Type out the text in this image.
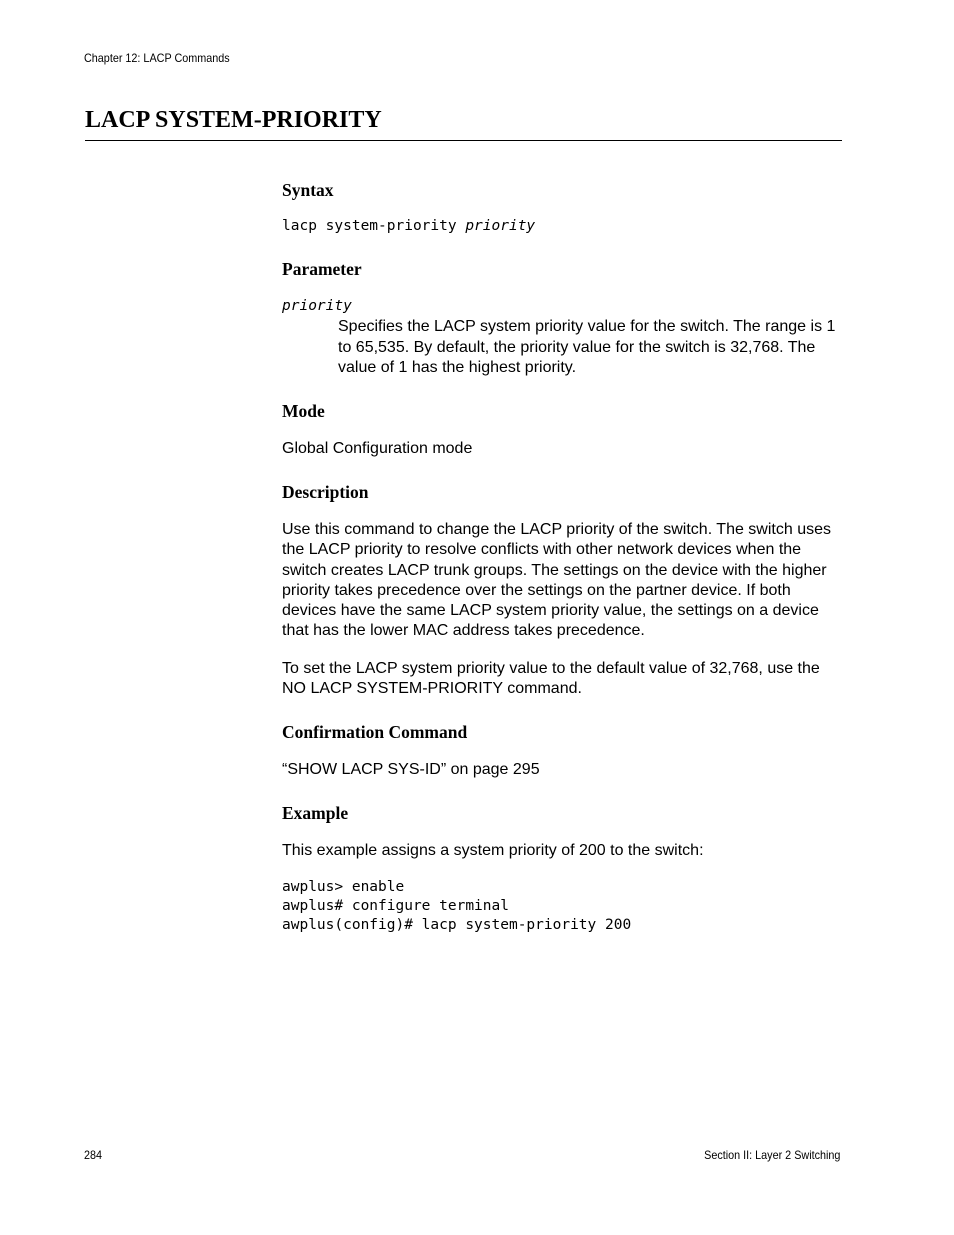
Chapter 12: LACP Commands
LACP SYSTEM-PRIORITY
Syntax
lacp system-priority priority
Parameter
priority
Specifies the LACP system priority value for the switch. The range is 1 to 65,535. By default, the priority value for the switch is 32,768. The value of 1 has the highest priority.
Mode
Global Configuration mode
Description
Use this command to change the LACP priority of the switch. The switch uses the LACP priority to resolve conflicts with other network devices when the switch creates LACP trunk groups. The settings on the device with the higher priority takes precedence over the settings on the partner device. If both devices have the same LACP system priority value, the settings on a device that has the lower MAC address takes precedence.
To set the LACP system priority value to the default value of 32,768, use the NO LACP SYSTEM-PRIORITY command.
Confirmation Command
“SHOW LACP SYS-ID” on page 295
Example
This example assigns a system priority of 200 to the switch:
awplus> enable
awplus# configure terminal
awplus(config)# lacp system-priority 200
284	Section II: Layer 2 Switching
